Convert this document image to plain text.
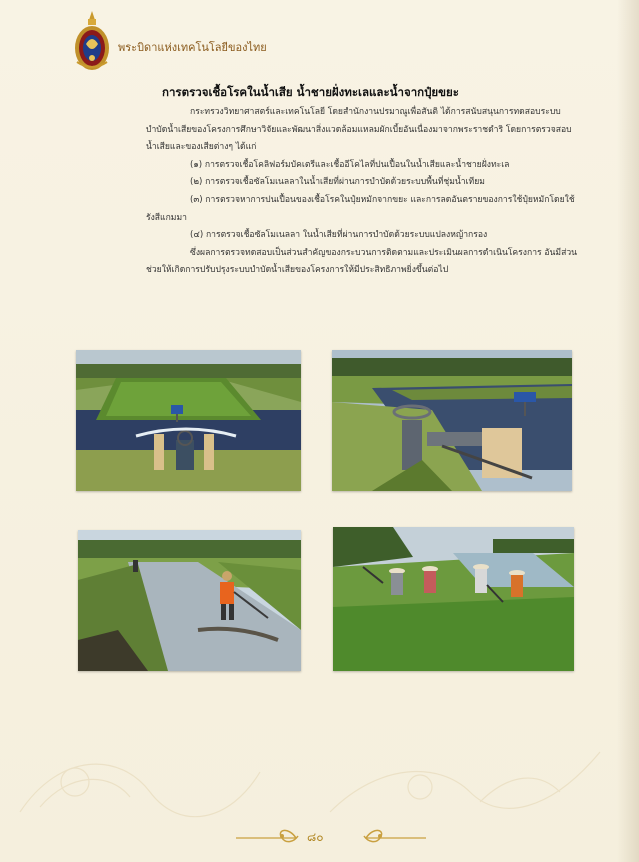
พระบิดาแห่งเทคโนโลยีของไทย
การตรวจเชื้อโรคในน้ำเสีย น้ำชายฝั่งทะเลและน้ำจากปุ๋ยขยะ

กระทรวงวิทยาศาสตร์และเทคโนโลยี โดยสำนักงานปรมาณูเพื่อสันติ ได้การสนับสนุนการทดสอบระบบบำบัดน้ำเสียของโครงการศึกษาวิจัยและพัฒนาสิ่งแวดล้อมแหลมผักเบี้ยอันเนื่องมาจากพระราชดำริ โดยการตรวจสอบน้ำเสียและของเสียต่างๆ ได้แก่

(๑) การตรวจเชื้อโคลิฟอร์มบัคเตรีและเชื้ออีโคไลที่ปนเปื้อนในน้ำเสียและน้ำชายฝั่งทะเล

(๒) การตรวจเชื้อซัลโมเนลลาในน้ำเสียที่ผ่านการบำบัดด้วยระบบพื้นที่ชุ่มน้ำเทียม

(๓) การตรวจหาการปนเปื้อนของเชื้อโรคในปุ๋ยหมักจากขยะ และการลดอันตรายของการใช้ปุ๋ยหมักโดยใช้รังสีแกมมา

(๔) การตรวจเชื้อซัลโมเนลลา ในน้ำเสียที่ผ่านการบำบัดด้วยระบบแปลงหญ้ากรอง

ซึ่งผลการตรวจทดสอบเป็นส่วนสำคัญของกระบวนการติดตามและประเมินผลการดำเนินโครงการ อันมีส่วนช่วยให้เกิดการปรับปรุงระบบบำบัดน้ำเสียของโครงการให้มีประสิทธิภาพยิ่งขึ้นต่อไป

๘๐
